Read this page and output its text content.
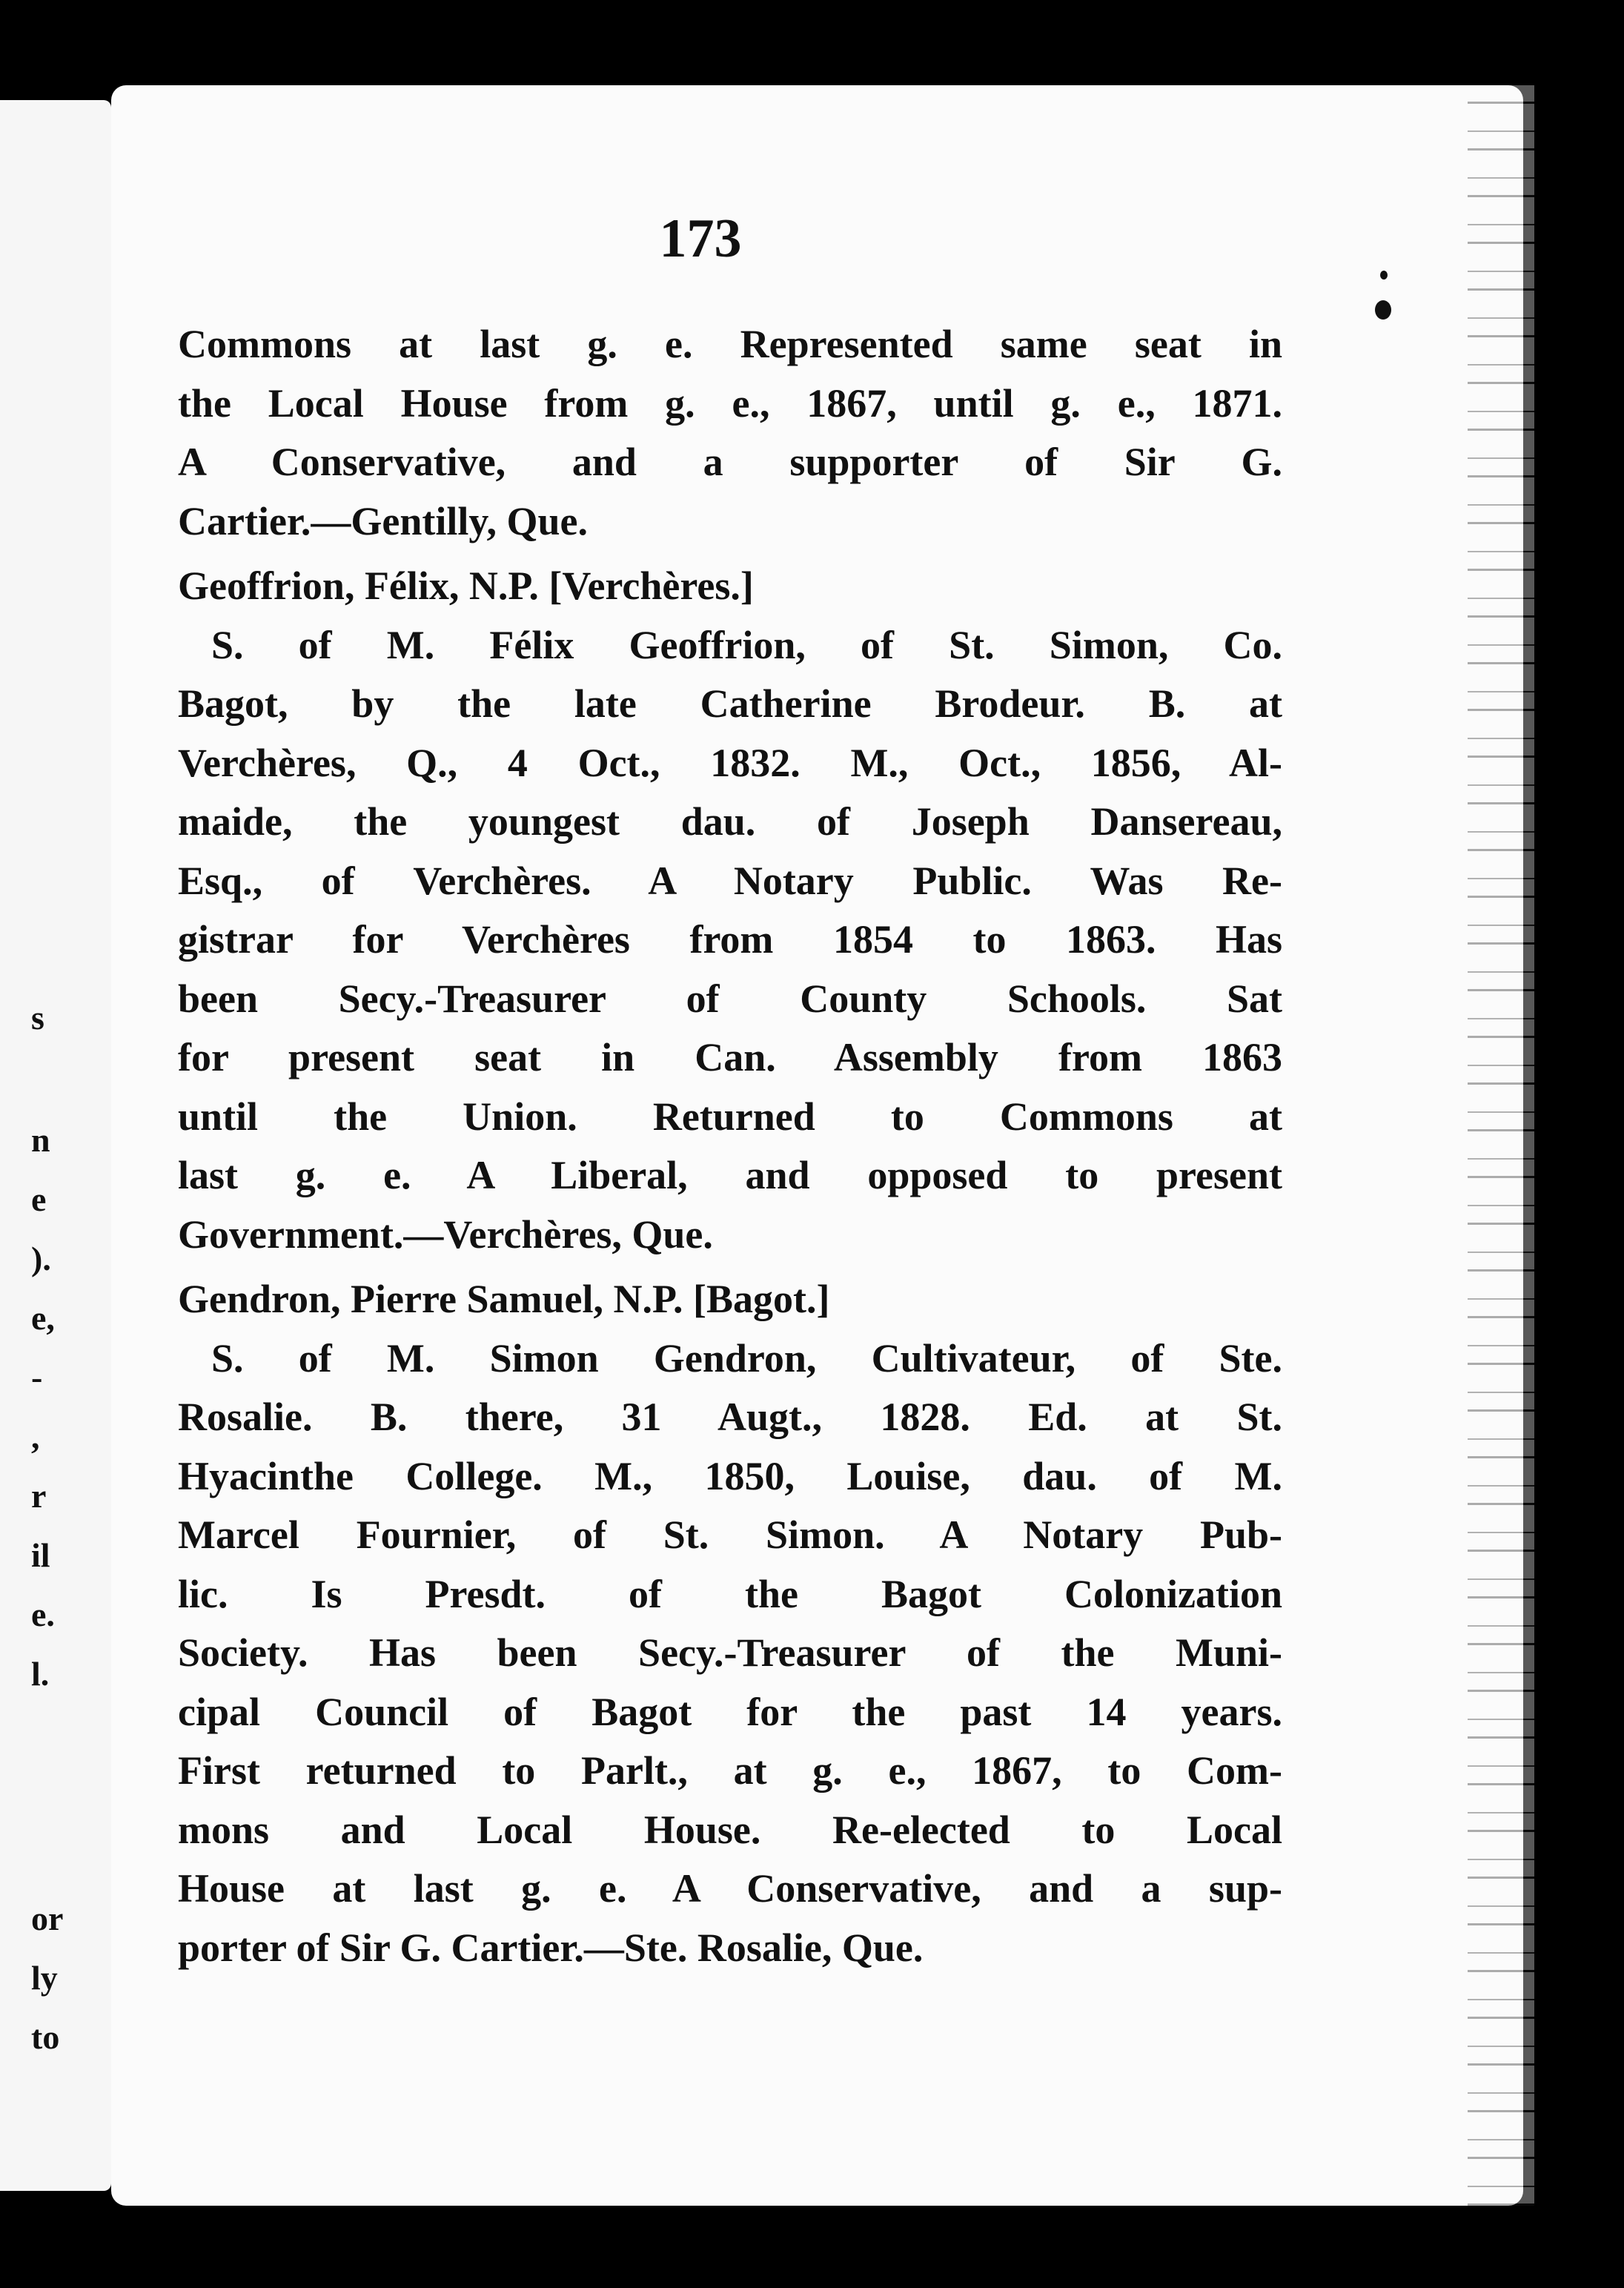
s
n
e
).
e,
-
,
r
il
e.
l.
or
ly
to
173
Commons at last g. e. Represented same seat in
the Local House from g. e., 1867, until g. e., 1871.
A Conservative, and a supporter of Sir G.
Cartier.—Gentilly, Que.
Geoffrion, Félix, N.P. [Verchères.]
S. of M. Félix Geoffrion, of St. Simon, Co.
Bagot, by the late Catherine Brodeur. B. at
Verchères, Q., 4 Oct., 1832. M., Oct., 1856, Al-
maide, the youngest dau. of Joseph Dansereau,
Esq., of Verchères. A Notary Public. Was Re-
gistrar for Verchères from 1854 to 1863. Has
been Secy.-Treasurer of County Schools. Sat
for present seat in Can. Assembly from 1863
until the Union. Returned to Commons at
last g. e. A Liberal, and opposed to present
Government.—Verchères, Que.
Gendron, Pierre Samuel, N.P. [Bagot.]
S. of M. Simon Gendron, Cultivateur, of Ste.
Rosalie. B. there, 31 Augt., 1828. Ed. at St.
Hyacinthe College. M., 1850, Louise, dau. of M.
Marcel Fournier, of St. Simon. A Notary Pub-
lic. Is Presdt. of the Bagot Colonization
Society. Has been Secy.-Treasurer of the Muni-
cipal Council of Bagot for the past 14 years.
First returned to Parlt., at g. e., 1867, to Com-
mons and Local House. Re-elected to Local
House at last g. e. A Conservative, and a sup-
porter of Sir G. Cartier.—Ste. Rosalie, Que.
